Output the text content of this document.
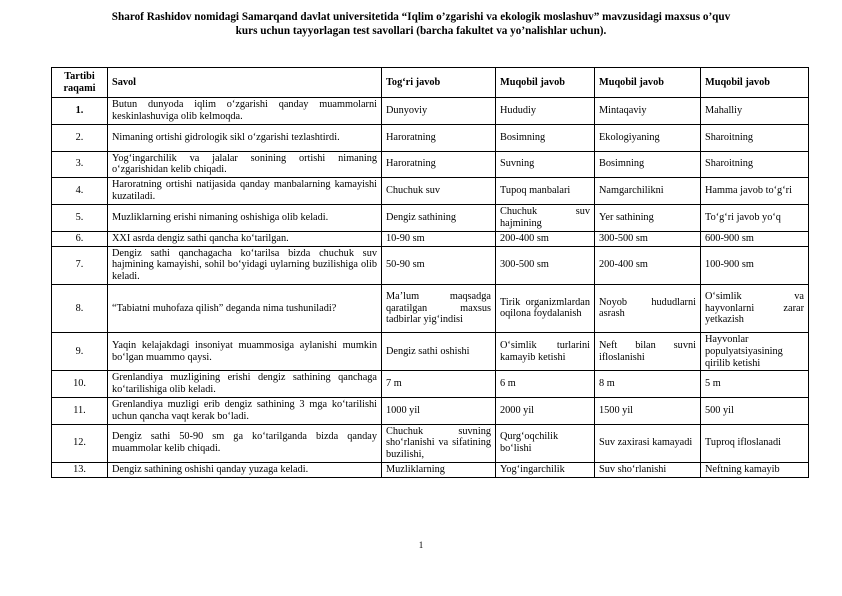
Sharof Rashidov nomidagi Samarqand davlat universitetida “Iqlim o’zgarishi va ekologik moslashuv” mavzusidagi maxsus o’quv
kurs uchun tayyorlagan test savollari (barcha fakultet va yo’nalishlar uchun).
Tartibi raqami	Savol	Tog‘ri javob	Muqobil javob	Muqobil javob	Muqobil javob
1.	Butun dunyoda iqlim o‘zgarishi qanday muammolarni keskinlashuviga olib kelmoqda.	Dunyoviy	Hududiy	Mintaqaviy	Mahalliy
2.	Nimaning ortishi gidrologik sikl o‘zgarishi tezlashtirdi.	Haroratning	Bosimning	Ekologiyaning	Sharoitning
3.	Yog‘ingarchilik va jalalar sonining ortishi nimaning o‘zgarishidan kelib chiqadi.	Haroratning	Suvning	Bosimning	Sharoitning
4.	Haroratning ortishi natijasida qanday manbalarning kamayishi kuzatiladi.	Chuchuk suv	Tupoq manbalari	Namgarchilikni	Hamma javob to‘g‘ri
5.	Muzliklarning erishi nimaning oshishiga olib keladi.	Dengiz sathining	Chuchuk suv hajmining	Yer sathining	To‘g‘ri javob yo‘q
6.	XXI asrda dengiz sathi qancha ko‘tarilgan.	10-90 sm	200-400 sm	300-500 sm	600-900 sm
7.	Dengiz sathi qanchagacha ko‘tarilsa bizda chuchuk suv hajmining kamayishi, sohil bo‘yidagi uylarning buzilishiga olib keladi.	50-90 sm	300-500 sm	200-400 sm	100-900 sm
8.	“Tabiatni muhofaza qilish” deganda nima tushuniladi?	Ma’lum maqsadga qaratilgan maxsus tadbirlar yig‘indisi	Tirik organizmlardan oqilona foydalanish	Noyob hududlarni asrash	O‘simlik va hayvonlarni zarar yetkazish
9.	Yaqin kelajakdagi insoniyat muammosiga aylanishi mumkin bo‘lgan muammo qaysi.	Dengiz sathi oshishi	O‘simlik turlarini kamayib ketishi	Neft bilan suvni ifloslanishi	Hayvonlar populyatsiyasining qirilib ketishi
10.	Grenlandiya muzligining erishi dengiz sathining qanchaga ko‘tarilishiga olib keladi.	7 m	6 m	8 m	5 m
11.	Grenlandiya muzligi erib dengiz sathining 3 mga ko‘tarilishi uchun qancha vaqt kerak bo‘ladi.	1000 yil	2000 yil	1500 yil	500 yil
12.	Dengiz sathi 50-90 sm ga ko‘tarilganda bizda qanday muammolar kelib chiqadi.	Chuchuk suvning sho‘rlanishi va sifatining buzilishi,	Qurg‘oqchilik bo‘lishi	Suv zaxirasi kamayadi	Tuproq ifloslanadi
13.	Dengiz sathining oshishi qanday yuzaga keladi.	Muzliklarning	Yog‘ingarchilik	Suv sho‘rlanishi	Neftning kamayib
1
